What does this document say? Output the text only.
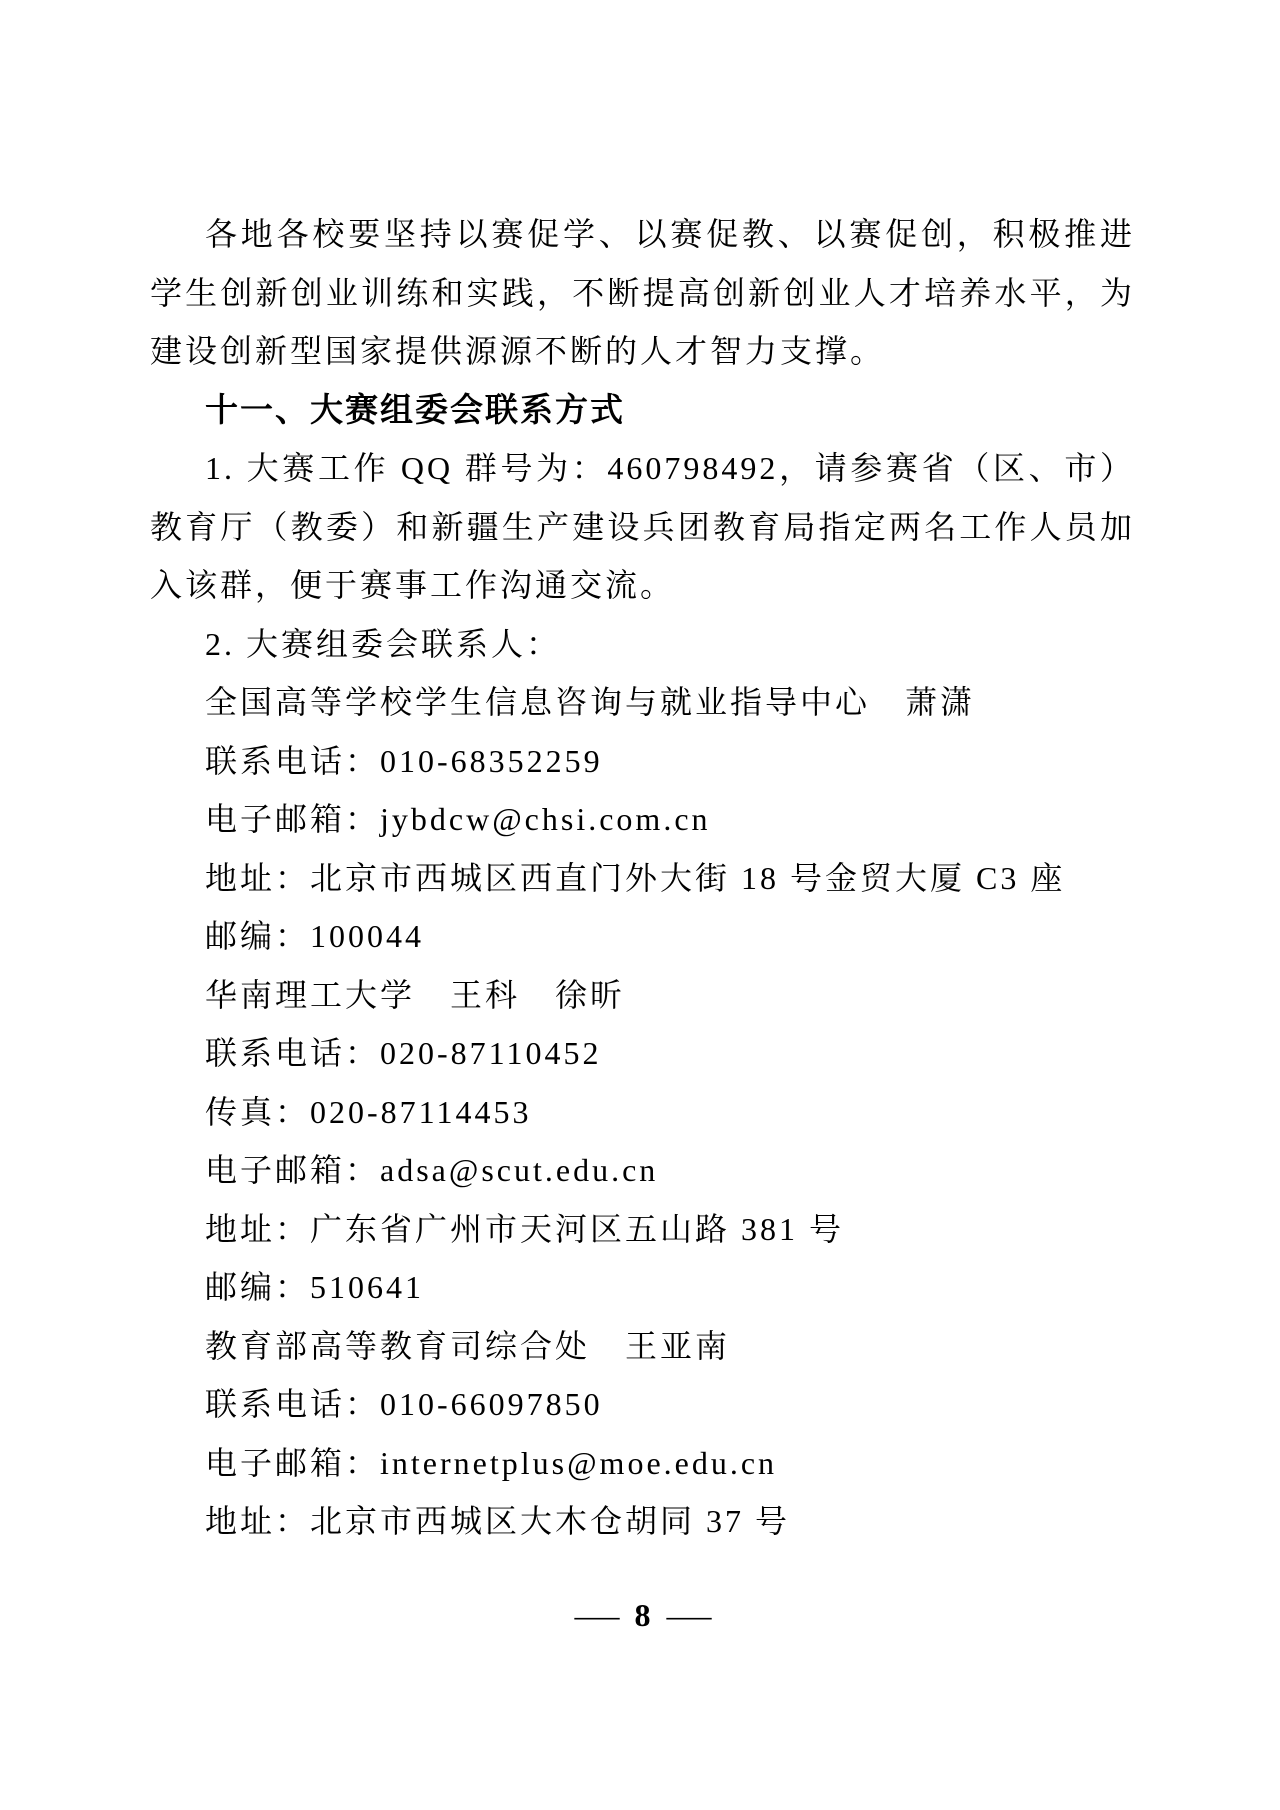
各地各校要坚持以赛促学、以赛促教、以赛促创，积极推进学生创新创业训练和实践，不断提高创新创业人才培养水平，为建设创新型国家提供源源不断的人才智力支撑。

十一、大赛组委会联系方式

1. 大赛工作 QQ 群号为：460798492，请参赛省（区、市）教育厅（教委）和新疆生产建设兵团教育局指定两名工作人员加入该群，便于赛事工作沟通交流。

2. 大赛组委会联系人：

全国高等学校学生信息咨询与就业指导中心　萧潇

联系电话：010-68352259

电子邮箱：jybdcw@chsi.com.cn

地址：北京市西城区西直门外大街 18 号金贸大厦 C3 座

邮编：100044

华南理工大学　王科　徐昕

联系电话：020-87110452

传真：020-87114453

电子邮箱：adsa@scut.edu.cn

地址：广东省广州市天河区五山路 381 号

邮编：510641

教育部高等教育司综合处　王亚南

联系电话：010-66097850

电子邮箱：internetplus@moe.edu.cn

地址：北京市西城区大木仓胡同 37 号

— 8 —
